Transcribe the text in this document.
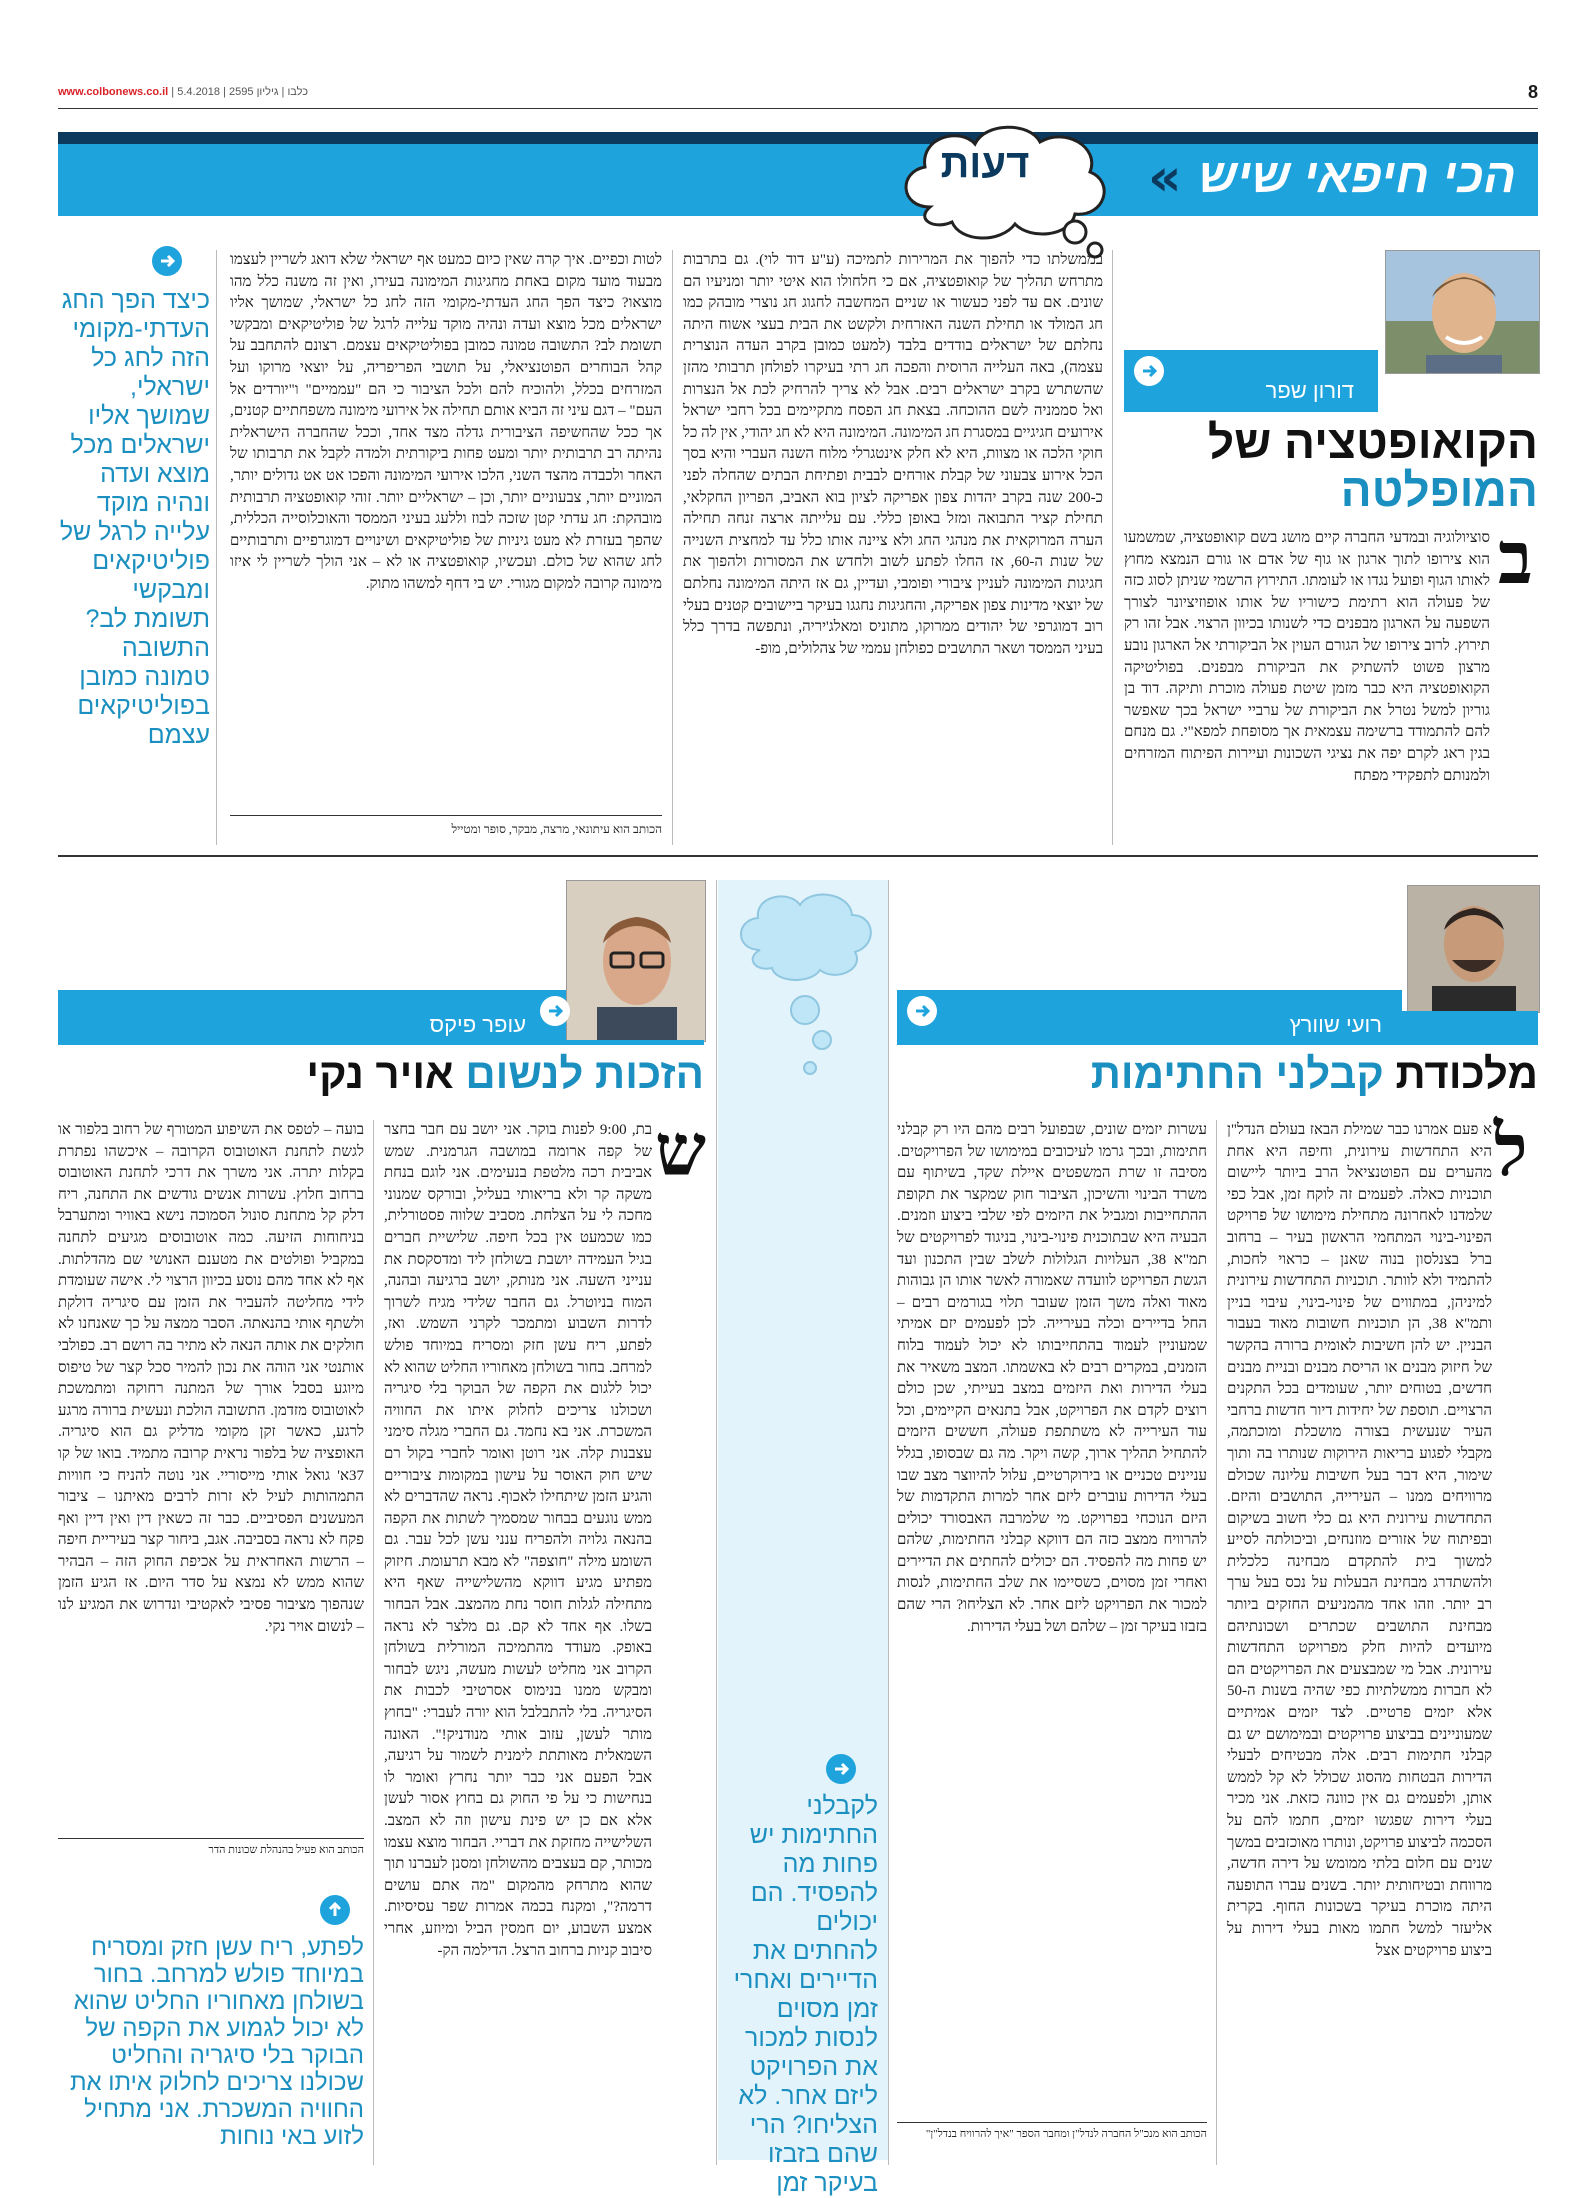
www.colbonews.co.il | כלבו | גיליון 2595 | 5.4.2018	8
הכי חיפאי שיש
«
דעות
דורון שפר
הקואופטציה של
המופלטה
ב
סוציולוגיה ובמדעי החברה קיים מושג בשם קואופטציה, שמשמעו הוא צירופו לתוך ארגון או גוף של אדם או גורם הנמצא מחוץ לאותו הגוף ופועל נגדו או לעומתו. התירוץ הרשמי שניתן לסוג כזה של פעולה הוא רתימת כישוריו של אותו אופוזיציונר לצורך השפעה על הארגון מבפנים כדי לשנותו בכיוון הרצוי. אבל זהו רק תירוץ. לרוב צירופו של הגורם העוין אל הביקורתי אל הארגון נובע מרצון פשוט להשתיק את הביקורת מבפנים. בפוליטיקה הקואופטציה היא כבר מזמן שיטת פעולה מוכרת ותיקה. דוד בן גוריון למשל נטרל את הביקורת של ערביי ישראל בכך שאפשר להם להתמודד ברשימה עצמאית אך מסופחת למפא"י. גם מנחם בגין ראג לקרם יפה את נציגי השכונות ועיירות הפיתוח המזרחים ולמנותם לתפקידי מפתח
בממשלתו כדי להפוך את המרירות לתמיכה (ע"ע דוד לוי). גם בתרבות מתרחש תהליך של קואופטציה, אם כי חלחולו הוא איטי יותר ומניעיו הם שונים. אם עד לפני כעשור או שניים המחשבה לחגוג חג נוצרי מובהק כמו חג המולד או תחילת השנה האזרחית ולקשט את הבית בעצי אשוח היתה נחלתם של ישראלים בודדים בלבד (למעט כמובן בקרב העדה הנוצרית עצמה), באה העלייה הרוסית והפכה חג רתי בעיקרו לפולחן תרבותי מהזן שהשתרש בקרב ישראלים רבים. אבל לא צריך להרחיק לכת אל הנצרות ואל סממניה לשם ההוכחה. בצאת חג הפסח מתקיימים בכל רחבי ישראל אירועים חגיגיים במסגרת חג המימונה. המימונה היא לא חג יהודי, אין לה כל חוקי הלכה או מצוות, היא לא חלק אינטגרלי מלוח השנה העברי והיא בסך הכל אירוע צבעוני של קבלת אורחים לבבית ופתיחת הבתים שהחלה לפני כ-200 שנה בקרב יהדות צפון אפריקה לציון בוא האביב, הפריון החקלאי, תחילת קציר התבואה ומזל באופן כללי. עם עלייתה ארצה זנחה תחילה הערה המרוקאית את מנהגי החג ולא ציינה אותו כלל עד למחצית השנייה של שנות ה-60, אז החלו לפתע לשוב ולחדש את המסורות ולהפוך את חגיגות המימונה לעניין ציבורי ופומבי, ועדיין, גם אז היתה המימונה נחלתם של יוצאי מדינות צפון אפריקה, והחגיגות נחגגו בעיקר ביישובים קטנים בעלי רוב דמוגרפי של יהודים ממרוקו, מתוניס ומאלג'יריה, ונתפשה בדרך כלל בעיני הממסד ושאר התושבים כפולחן עממי של צהלולים, מופ-
לטות וכפיים. איך קרה שאין כיום כמעט אף ישראלי שלא דואג לשריין לעצמו מבעוד מועד מקום באחת מחגיגות המימונה בעירו, ואין זה משנה כלל מהו מוצאו? כיצד הפך החג העדתי-מקומי הזה לחג כל ישראלי, שמושך אליו ישראלים מכל מוצא ועדה ונהיה מוקד עלייה לרגל של פוליטיקאים ומבקשי תשומת לב? התשובה טמונה כמובן בפוליטיקאים עצמם. רצונם להתחבב על קהל הבוחרים הפוטנציאלי, על תושבי הפריפריה, על יוצאי מרוקו ועל המזרחים בכלל, ולהוכיח להם ולכל הציבור כי הם "עממיים" ו"יורדים אל העם" – דגם עיני זה הביא אותם תחילה אל אירועי מימונה משפחתיים קטנים, אך ככל שהחשיפה הציבורית גדלה מצד אחד, וככל שהחברה הישראלית נהיתה רב תרבותית יותר ומעט פחות ביקורתית ולמדה לקבל את תרבותו של האחר ולכבדה מהצד השני, הלכו אירועי המימונה והפכו אט אט גדולים יותר, המוניים יותר, צבעוניים יותר, וכן – ישראליים יותר. זוהי קואופטציה תרבותית מובהקת: חג עדתי קטן שזכה לבוז וללעג בעיני הממסד והאוכלוסייה הכללית, שהפך בעזרת לא מעט גיניות של פוליטיקאים ושינויים דמוגרפיים ותרבותיים לחג שהוא של כולם. ועכשיו, קואופטציה או לא – אני הולך לשריין לי איזו מימונה קרובה למקום מגורי. יש בי דחף למשהו מתוק.
הכותב הוא עיתונאי, מרצה, מבקר, סופר ומטייל
כיצד הפך החג העדתי-מקומי הזה לחג כל ישראלי, שמושך אליו ישראלים מכל מוצא ועדה ונהיה מוקד עלייה לרגל של פוליטיקאים ומבקשי תשומת לב? התשובה טמונה כמובן בפוליטיקאים עצמם
רועי שוורץ
מלכודת קבלני החתימות
ל
א פעם אמרנו כבר שמילת הבאז בעולם הנדל"ן היא התחדשות עירונית, וחיפה היא אחת מהערים עם הפוטנציאל הרב ביותר ליישום תוכניות כאלה. לפעמים זה לוקח זמן, אבל כפי שלמדנו לאחרונה מתחילת מימושו של פרויקט הפינוי-בינוי המתחמי הראשון בעיר – ברחוב ברל בצנלסון בנוה שאנן – כראוי לחכות, להתמיד ולא לוותר. תוכניות התחדשות עירונית למיניהן, במתווים של פינוי-בינוי, עיבוי בניין ותמ"א 38, הן תוכניות חשובות מאוד בעבור הבניין. יש להן חשיבות לאומית ברורה בהקשר של חיזוק מבנים או הריסת מבנים ובניית מבנים חדשים, בטוחים יותר, שעומדים בכל התקנים הרצויים. תוספת של יחידות דיור חדשות ברחבי העיר שנעשית בצורה מושכלת ומוכתמה, מקבלי לפגוע בריאות הירוקות שנותרו בה ותוך שימור, היא דבר בעל חשיבות עליונה שכולם מרוויחים ממנו – העירייה, התושבים והיזם. התחדשות עירונית היא גם כלי חשוב בשיקום ובפיתוח של אזורים מוזנחים, וביכולתה לסייע למשוך בית להתקדם מבחינה כלכלית ולהשתדרג מבחינת הבעלות על נכס בעל ערך רב יותר. וזהו אחד מהמניעים החזקים ביותר מבחינת התושבים שכתרים ושכונתיהם מיועדים להיות חלק מפרויקט התחדשות עירונית. אבל מי שמבצעים את הפרויקטים הם לא חברות ממשלתיות כפי שהיה בשנות ה-50 אלא יזמים פרטיים. לצד יזמים אמיתיים שמעוניינים בביצוע פרויקטים ובמימושם יש גם קבלני חתימות רבים. אלה מבטיחים לבעלי הדירות הבטחות מהסוג שכולל לא קל לממש אותן, ולפעמים גם אין כוונה כזאת. אני מכיר בעלי דירות שפגשו יזמים, חתמו להם על הסכמה לביצוע פרויקט, ונותרו מאוכזבים במשך שנים עם חלום בלתי ממומש על דירה חדשה, מרווחת ובטיחותית יותר. בשנים עברו התופעה היתה מוכרת בעיקר בשכונות החוף. בקרית אליעזר למשל חתמו מאות בעלי דירות על ביצוע פרויקטים אצל
עשרות יזמים שונים, שבפועל רבים מהם היו רק קבלני חתימות, ובכך גרמו לעיכובים במימושו של הפרויקטים. מסיבה זו שרת המשפטים איילת שקד, בשיתוף עם משרד הבינוי והשיכון, הציבור חוק שמקצר את תקופת ההתחייבות ומגביל את היזמים לפי שלבי ביצוע וזמנים. הבעיה היא שבתוכנית פינוי-בינוי, בניגוד לפרויקטים של תמ"א 38, העלויות הגלולות לשלב שבין התכנון ועד הגשת הפרויקט לוועדה שאמורה לאשר אותו הן גבוהות מאוד ואלה משך הזמן שעובר תלוי בגורמים רבים – החל בדיירים וכלה בעירייה. לכן לפעמים יזם אמיתי שמעוניין לעמוד בהתחייבותו לא יכול לעמוד בלוח הזמנים, במקרים רבים לא באשמתו. המצב משאיר את בעלי הדירות ואת היזמים במצב בעייתי, שכן כולם רוצים לקדם את הפרויקט, אבל בתנאים הקיימים, וכל עוד העירייה לא משתתפת פעולה, חששים היזמים להתחיל תהליך ארוך, קשה ויקר. מה גם שבסופו, בגלל עניינים טכניים או בירוקרטיים, עלול להיווצר מצב שבו בעלי הדירות עוברים ליזם אחר למרות התקדמות של היזם הנוכחי בפרויקט. מי שלמרבה האבסורד יכולים להרוויח ממצב כזה הם דווקא קבלני החתימות, שלהם יש פחות מה להפסיד. הם יכולים להחתים את הדיירים ואחרי זמן מסוים, כשסיימו את שלב החתימות, לנסות למכור את הפרויקט ליזם אחר. לא הצליחו? הרי שהם בזבזו בעיקר זמן – שלהם ושל בעלי הדירות.
הכותב הוא מנכ"ל החברה לנדל"ן ומחבר הספר "איך להרוויח בנדל"ן"
לקבלני החתימות יש פחות מה להפסיד. הם יכולים להחתים את הדיירים ואחרי זמן מסוים לנסות למכור את הפרויקט ליזם אחר. לא הצליחו? הרי שהם בזבזו בעיקר זמן
עופר פיקס
הזכות לנשום אויר נקי
ש
בת, 9:00 לפנות בוקר. אני יושב עם חבר בחצר של קפה ארומה במושבה הגרמנית. שמש אביבית רכה מלטפת בנעימים. אני לוגם בנחת משקה קר ולא בריאותי בעליל, ובורקס שמנוני מחכה לי על הצלחת. מסביב שלווה פסטורלית, כמו שכמעט אין בכל חיפה. שלישיית חברים בגיל העמידה יושבת בשולחן ליד ומדסקסת את ענייני השעה. אני מנותק, יושב ברגיעה ובהנה, המוח בניוטרל. גם החבר שלידי מגיח לשרוך לדרות השבוע ומתמכר לקרני השמש. ואז, לפתע, ריח עשן חזק ומסריח במיוחד פולש למרחב. בחור בשולחן מאחוריו החליט שהוא לא יכול ללגום את הקפה של הבוקר בלי סיגריה ושכולנו צריכים לחלוק איתו את החוויה המשכרת. אני בא נחמד. גם החברי מגלה סימני עצבנות קלה. אני רוטן ואומר לחברי בקול רם שיש חוק האוסר על עישון במקומות ציבוריים והגיע הזמן שיתחילו לאכוף. נראה שהדברים לא ממש נוגעים בבחור שמסמיך לשתות את הקפה בהנאה גלויה ולהפריח ענני עשן לכל עבר. גם השומע מילה "חוצפה" לא מבא תרעומת. חיזוק מפתיע מגיע דווקא מהשלישייה שאף היא מתחילה לגלות חוסר נחת מהמצב. אבל הבחור בשלו. אף אחד לא קם. גם מלצר לא נראה באופק. מעודד מהתמיכה המורלית בשולחן הקרוב אני מחליט לעשות מעשה, ניגש לבחור ומבקש ממנו בנימוס אסרטיבי לכבות את הסיגריה. בלי להתבלבל הוא יורה לעברי: "בחוץ מותר לעשן, עזוב אותי מנודניק!". האונה השמאלית מאותתת לימנית לשמור על רגיעה, אבל הפעם אני כבר יותר נחרץ ואומר לו בנחישות כי על פי החוק גם בחוץ אסור לעשן אלא אם כן יש פינת עישון וזה לא המצב. השלישייה מחזקת את דבריי. הבחור מוצא עצמו מכותר, קם בעצבים מהשולחן ומסנן לעברנו תוך שהוא מתרחק מהמקום "מה אתם עושים דרמה?", ומקנח בכמה אמרות שפר עסיסיות. אמצע השבוע, יום חמסין הביל ומיוזע, אחרי סיבוב קניות ברחוב הרצל. הדילמה הק-
בועה – לטפס את השיפוע המטורף של רחוב בלפור או לגשת לתחנת האוטובוס הקרובה – איכשהו נפתרת בקלות יתרה. אני משרך את דרכי לתחנת האוטובוס ברחוב חלוץ. עשרות אנשים גודשים את התחנה, ריח דלק קל מתחנת סונול הסמוכה נישא באוויר ומתערבל בניחוחות הזיעה. כמה אוטובוסים מגיעים לתחנה במקביל ופולטים את מטענם האנושי שם מהדלתות. אף לא אחד מהם נוסע בכיוון הרצוי לי. אישה שעומדת לידי מחליטה להעביר את הזמן עם סיגריה דולקת ולשתף אותי בהנאתה. הסבר ממצה על כך שאנחנו לא חולקים את אותה הנאה לא מתיר בה רושם רב. כפולבי אותנטי אני הוהה את נכון להמיר סכל קצר של טיפוס מיוגע בסבל אורך של המתנה רחוקה ומתמשכת לאוטובוס מזדמן. התשובה הולכת ונעשית ברורה מרגע לרגע, כאשר זקן מקומי מדליק גם הוא סיגריה. האופציה של בלפור נראית קרובה מתמיד. בואו של קו 37א' גואל אותי מייסוריי. אני נוטה להניח כי חוויות התמהותות לעיל לא זרות לרבים מאיתנו – ציבור המעשנים הפסיביים. כבר זה כשאין דין ואין דיין ואף פקח לא נראה בסביבה. אגב, ביחור קצר בעיריית חיפה – הרשות האחראית על אכיפת החוק הזה – הבהיר שהוא ממש לא נמצא על סדר היום. אז הגיע הזמן שנהפוך מציבור פסיבי לאקטיבי ונדרוש את המגיע לנו – לנשום אויר נקי.
הכותב הוא פעיל בהנהלת שכונות הדר
לפתע, ריח עשן חזק ומסריח במיוחד פולש למרחב. בחור בשולחן מאחוריו החליט שהוא לא יכול לגמוע את הקפה של הבוקר בלי סיגריה והחליט שכולנו צריכים לחלוק איתו את החוויה המשכרת. אני מתחיל לזוע באי נוחות
